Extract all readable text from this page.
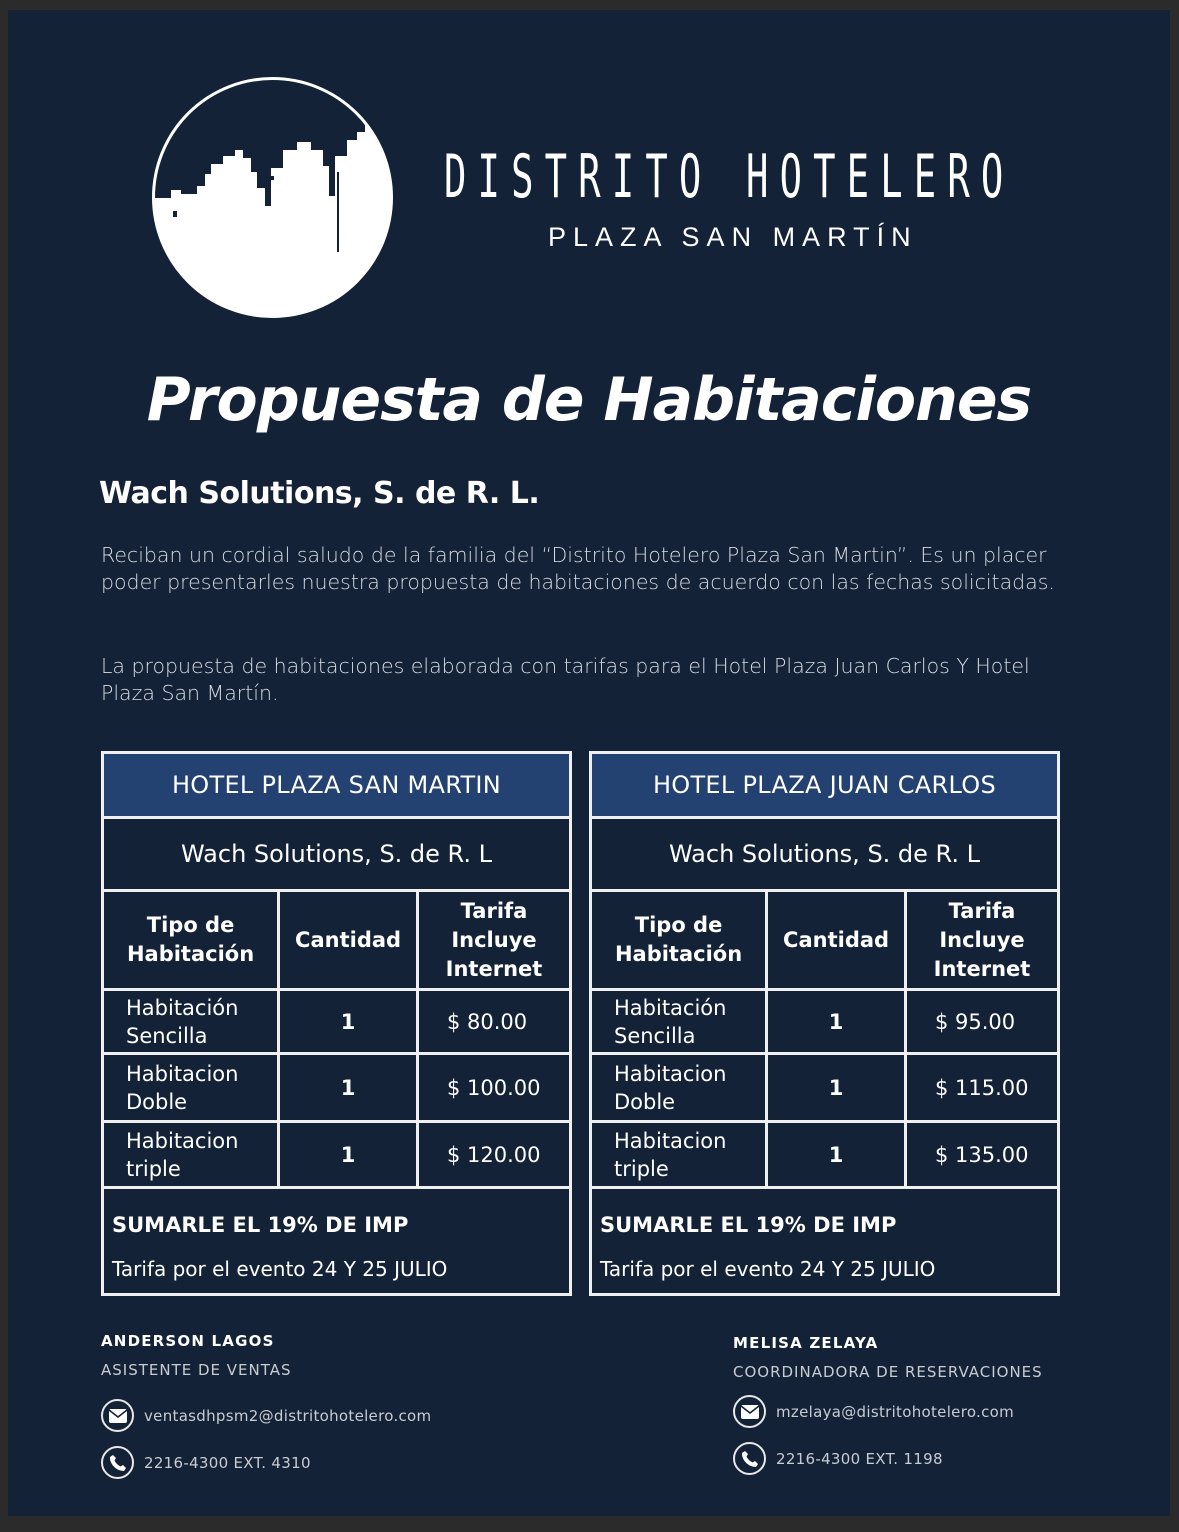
DISTRITO HOTELERO
PLAZA SAN MARTÍN
Propuesta de Habitaciones
Wach Solutions, S. de R. L.
Reciban un cordial saludo de la familia del “Distrito Hotelero Plaza San Martin”. Es un placer poder presentarles nuestra propuesta de habitaciones de acuerdo con las fechas solicitadas.
La propuesta de habitaciones elaborada con tarifas para el Hotel Plaza Juan Carlos Y Hotel Plaza San Martín.
HOTEL PLAZA SAN MARTIN		
Wach Solutions, S. de R. L		
Tipo de Habitación	Cantidad	Tarifa Incluye Internet
Habitación Sencilla	1	$ 80.00
Habitacion Doble	1	$ 100.00
Habitacion triple	1	$ 120.00

SUMARLE EL 19% DE IMP
Tarifa por el evento 24 Y 25 JULIO		
HOTEL PLAZA JUAN CARLOS		
Wach Solutions, S. de R. L		
Tipo de Habitación	Cantidad	Tarifa Incluye Internet
Habitación Sencilla	1	$ 95.00
Habitacion Doble	1	$ 115.00
Habitacion triple	1	$ 135.00

SUMARLE EL 19% DE IMP
Tarifa por el evento 24 Y 25 JULIO		
ANDERSON LAGOS
ASISTENTE DE VENTAS
ventasdhpsm2@distritohotelero.com
2216-4300 EXT. 4310
MELISA ZELAYA
COORDINADORA DE RESERVACIONES
mzelaya@distritohotelero.com
2216-4300 EXT. 1198
